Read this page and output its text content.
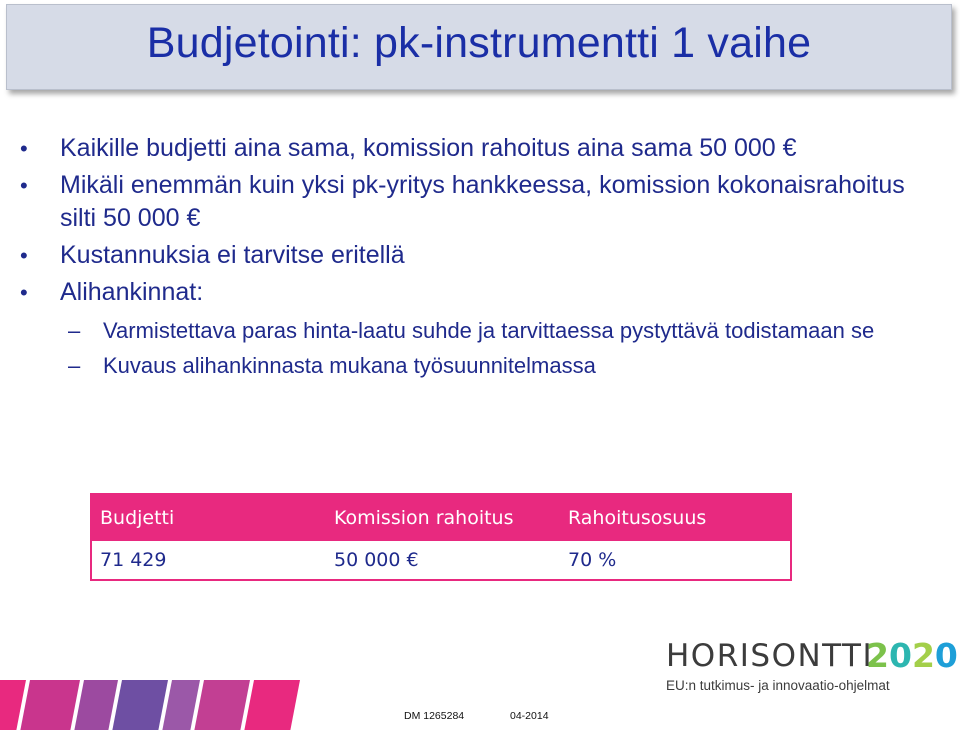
Budjetointi: pk-instrumentti 1 vaihe
• Kaikille budjetti aina sama, komission rahoitus aina sama 50 000 €
• Mikäli enemmän kuin yksi pk-yritys hankkeessa, komission kokonaisrahoitus silti 50 000 €
• Kustannuksia ei tarvitse eritellä
• Alihankinnat:
– Varmistettava paras hinta-laatu suhde ja tarvittaessa pystyttävä todistamaan se
– Kuvaus alihankinnasta mukana työsuunnitelmassa
Budjetti	Komission rahoitus	Rahoitusosuus
71 429	50 000 €	70 %
HORISONTTI
2020
EU:n tutkimus- ja innovaatio-ohjelmat
DM 1265284	04-2014
